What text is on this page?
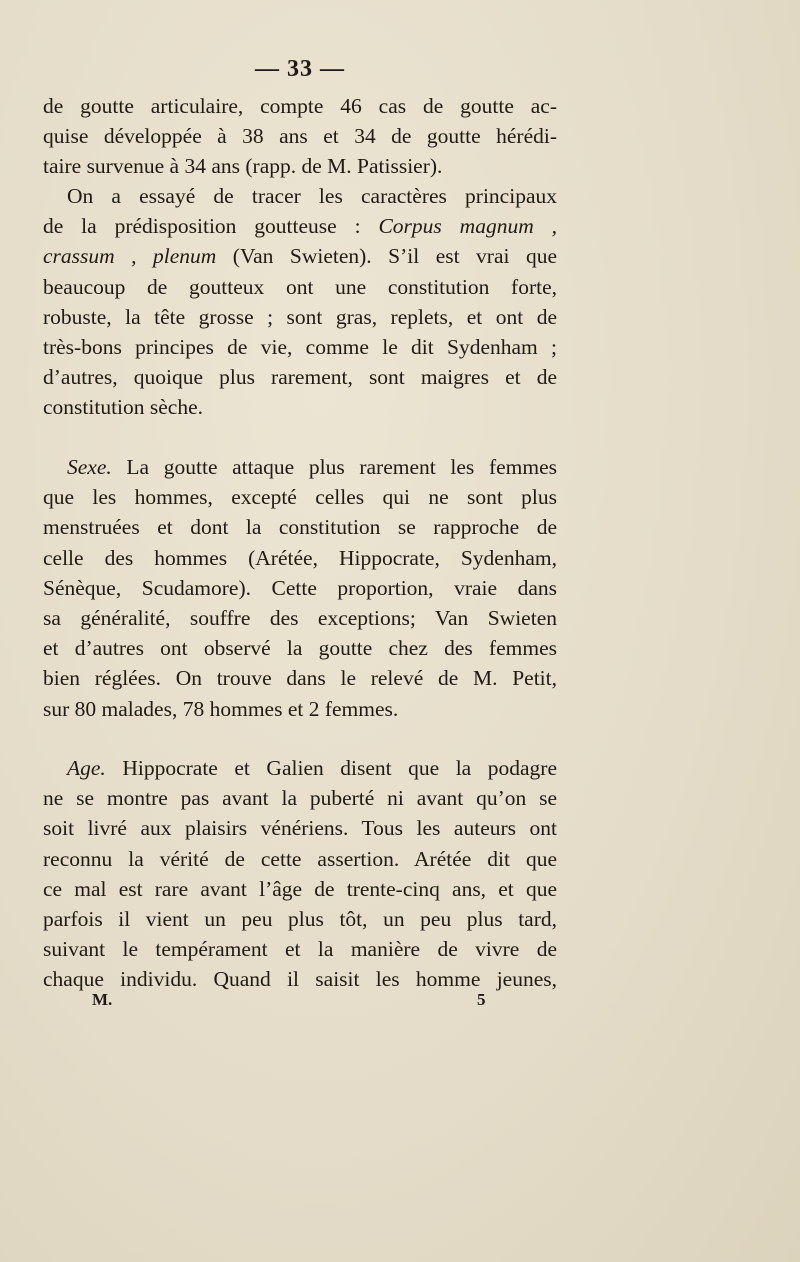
— 33 —
de goutte articulaire, compte 46 cas de goutte ac-
quise développée à 38 ans et 34 de goutte hérédi-
taire survenue à 34 ans (rapp. de M. Patissier).
On a essayé de tracer les caractères principaux
de la prédisposition goutteuse : Corpus magnum ,
crassum , plenum (Van Swieten). S’il est vrai que
beaucoup de goutteux ont une constitution forte,
robuste, la tête grosse ; sont gras, replets, et ont de
très-bons principes de vie, comme le dit Sydenham ;
d’autres, quoique plus rarement, sont maigres et de
constitution sèche.
Sexe. La goutte attaque plus rarement les femmes
que les hommes, excepté celles qui ne sont plus
menstruées et dont la constitution se rapproche de
celle des hommes (Arétée, Hippocrate, Sydenham,
Sénèque, Scudamore). Cette proportion, vraie dans
sa généralité, souffre des exceptions; Van Swieten
et d’autres ont observé la goutte chez des femmes
bien réglées. On trouve dans le relevé de M. Petit,
sur 80 malades, 78 hommes et 2 femmes.
Age. Hippocrate et Galien disent que la podagre
ne se montre pas avant la puberté ni avant qu’on se
soit livré aux plaisirs vénériens. Tous les auteurs ont
reconnu la vérité de cette assertion. Arétée dit que
ce mal est rare avant l’âge de trente-cinq ans, et que
parfois il vient un peu plus tôt, un peu plus tard,
suivant le tempérament et la manière de vivre de
chaque individu. Quand il saisit les homme jeunes,
M.	5
